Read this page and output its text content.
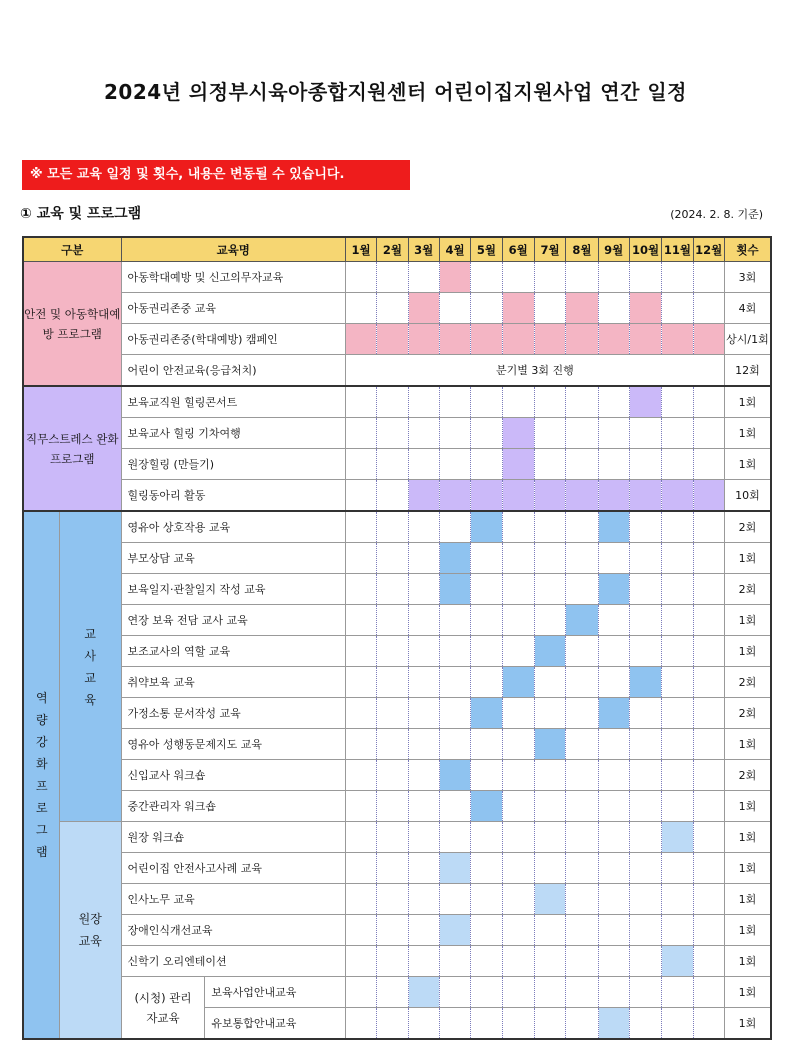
2024년 의정부시육아종합지원센터 어린이집지원사업 연간 일정
※ 모든 교육 일정 및 횟수, 내용은 변동될 수 있습니다.
① 교육 및 프로그램	(2024. 2. 8. 기준)
구분		교육명		1월	2월	3월	4월	5월	6월	7월	8월	9월	10월	11월	12월	횟수
안전 및 아동학대예방 프로그램		아동학대예방 및 신고의무자교육														3회
		아동권리존중 교육														4회
		아동권리존중(학대예방) 캠페인														상시/1회
		어린이 안전교육(응급처치)		분기별 3회 진행												12회
직무스트레스 완화 프로그램		보육교직원 힐링콘서트														1회
		보육교사 힐링 기차여행														1회
		원장힐링 (만들기)														1회
		힐링동아리 활동														10회
역량강화 프로그램	교사교육	영유아 상호작용 교육														2회
		부모상담 교육														1회
		보육일지·관찰일지 작성 교육														2회
		연장 보육 전담 교사 교육														1회
		보조교사의 역할 교육														1회
		취약보육 교육														2회
		가정소통 문서작성 교육														2회
		영유아 성행동문제지도 교육														1회
		신입교사 워크숍														2회
		중간관리자 워크숍														1회
	원장교육	원장 워크숍														1회
		어린이집 안전사고사례 교육														1회
		인사노무 교육														1회
		장애인식개선교육														1회
		신학기 오리엔테이션														1회
		(시청) 관리자교육	보육사업안내교육													1회
			유보통합안내교육													1회
